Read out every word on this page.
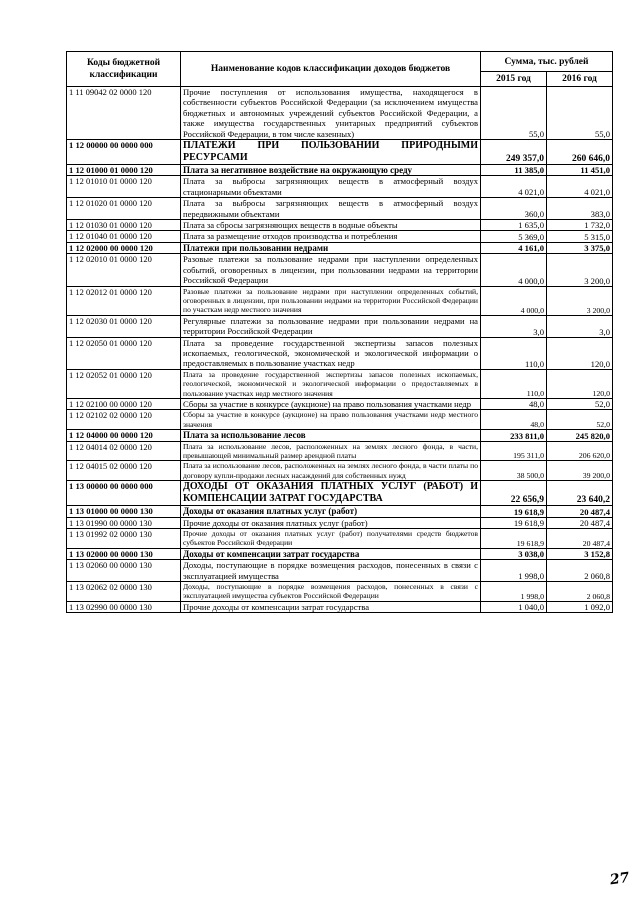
Коды бюджетной классификации	Наименование кодов классификации доходов бюджетов	Сумма, тыс. рублей	
		2015 год	2016 год
1 11 09042 02 0000 120	Прочие поступления от использования имущества, находящегося в собственности субъектов Российской Федерации (за исключением имущества бюджетных и автономных учреждений субъектов Российской Федерации, а также имущества государственных унитарных предприятий субъектов Российской Федерации, в том числе казенных)	55,0	55,0
1 12 00000 00 0000 000	ПЛАТЕЖИ ПРИ ПОЛЬЗОВАНИИ ПРИРОДНЫМИ РЕСУРСАМИ	249 357,0	260 646,0
1 12 01000 01 0000 120	Плата за негативное воздействие на окружающую среду	11 385,0	11 451,0
1 12 01010 01 0000 120	Плата за выбросы загрязняющих веществ в атмосферный воздух стационарными объектами	4 021,0	4 021,0
1 12 01020 01 0000 120	Плата за выбросы загрязняющих веществ в атмосферный воздух передвижными объектами	360,0	383,0
1 12 01030 01 0000 120	Плата за сбросы загрязняющих веществ в водные объекты	1 635,0	1 732,0
1 12 01040 01 0000 120	Плата за размещение отходов производства и потребления	5 369,0	5 315,0
1 12 02000 00 0000 120	Платежи при пользовании недрами	4 161,0	3 375,0
1 12 02010 01 0000 120	Разовые платежи за пользование недрами при наступлении определенных событий, оговоренных в лицензии, при пользовании недрами на территории Российской Федерации	4 000,0	3 200,0
1 12 02012 01 0000 120	Разовые платежи за пользование недрами при наступлении определенных событий, оговоренных в лицензии, при пользовании недрами на территории Российской Федерации по участкам недр местного значения	4 000,0	3 200,0
1 12 02030 01 0000 120	Регулярные платежи за пользование недрами при пользовании недрами на территории Российской Федерации	3,0	3,0
1 12 02050 01 0000 120	Плата за проведение государственной экспертизы запасов полезных ископаемых, геологической, экономической и экологической информации о предоставляемых в пользование участках недр	110,0	120,0
1 12 02052 01 0000 120	Плата за проведение государственной экспертизы запасов полезных ископаемых, геологической, экономической и экологической информации о предоставляемых в пользование участках недр местного значения	110,0	120,0
1 12 02100 00 0000 120	Сборы за участие в конкурсе (аукционе) на право пользования участками недр	48,0	52,0
1 12 02102 02 0000 120	Сборы за участие в конкурсе (аукционе) на право пользования участками недр местного значения	48,0	52,0
1 12 04000 00 0000 120	Плата за использование лесов	233 811,0	245 820,0
1 12 04014 02 0000 120	Плата за использование лесов, расположенных на землях лесного фонда, в части, превышающей минимальный размер арендной платы	195 311,0	206 620,0
1 12 04015 02 0000 120	Плата за использование лесов, расположенных на землях лесного фонда, в части платы по договору купли-продажи лесных насаждений для собственных нужд	38 500,0	39 200,0
1 13 00000 00 0000 000	ДОХОДЫ ОТ ОКАЗАНИЯ ПЛАТНЫХ УСЛУГ (РАБОТ) И КОМПЕНСАЦИИ ЗАТРАТ ГОСУДАРСТВА	22 656,9	23 640,2
1 13 01000 00 0000 130	Доходы от оказания платных услуг (работ)	19 618,9	20 487,4
1 13 01990 00 0000 130	Прочие доходы от оказания платных услуг (работ)	19 618,9	20 487,4
1 13 01992 02 0000 130	Прочие доходы от оказания платных услуг (работ) получателями средств бюджетов субъектов Российской Федерации	19 618,9	20 487,4
1 13 02000 00 0000 130	Доходы от компенсации затрат государства	3 038,0	3 152,8
1 13 02060 00 0000 130	Доходы, поступающие в порядке возмещения расходов, понесенных в связи с эксплуатацией имущества	1 998,0	2 060,8
1 13 02062 02 0000 130	Доходы, поступающие в порядке возмещения расходов, понесенных в связи с эксплуатацией имущества субъектов Российской Федерации	1 998,0	2 060,8
1 13 02990 00 0000 130	Прочие доходы от компенсации затрат государства	1 040,0	1 092,0
27
